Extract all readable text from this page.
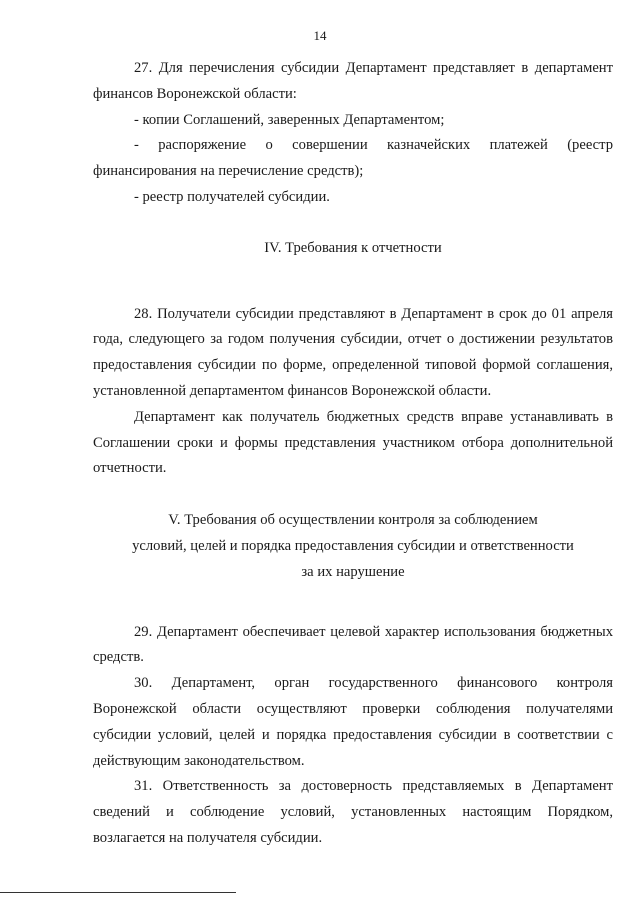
14
27. Для перечисления субсидии Департамент представляет в департамент
финансов Воронежской области:
- копии Соглашений, заверенных Департаментом;
- распоряжение о совершении казначейских платежей (реестр
финансирования на перечисление средств);
- реестр получателей субсидии.

IV. Требования к отчетности

28. Получатели субсидии представляют в Департамент в срок до 01 апреля года, следующего за годом получения субсидии, отчет о достижении результатов предоставления субсидии по форме, определенной типовой формой соглашения, установленной департаментом финансов Воронежской области.

Департамент как получатель бюджетных средств вправе устанавливать в Соглашении сроки и формы представления участником отбора дополнительной отчетности.

V. Требования об осуществлении контроля за соблюдением

условий, целей и порядка предоставления субсидии и ответственности

за их нарушение

29. Департамент обеспечивает целевой характер использования бюджетных средств.

30. Департамент, орган государственного финансового контроля Воронежской области осуществляют проверки соблюдения получателями субсидии условий, целей и порядка предоставления субсидии в соответствии с действующим законодательством.

31. Ответственность за достоверность представляемых в Департамент сведений и соблюдение условий, установленных настоящим Порядком, возлагается на получателя субсидии.
